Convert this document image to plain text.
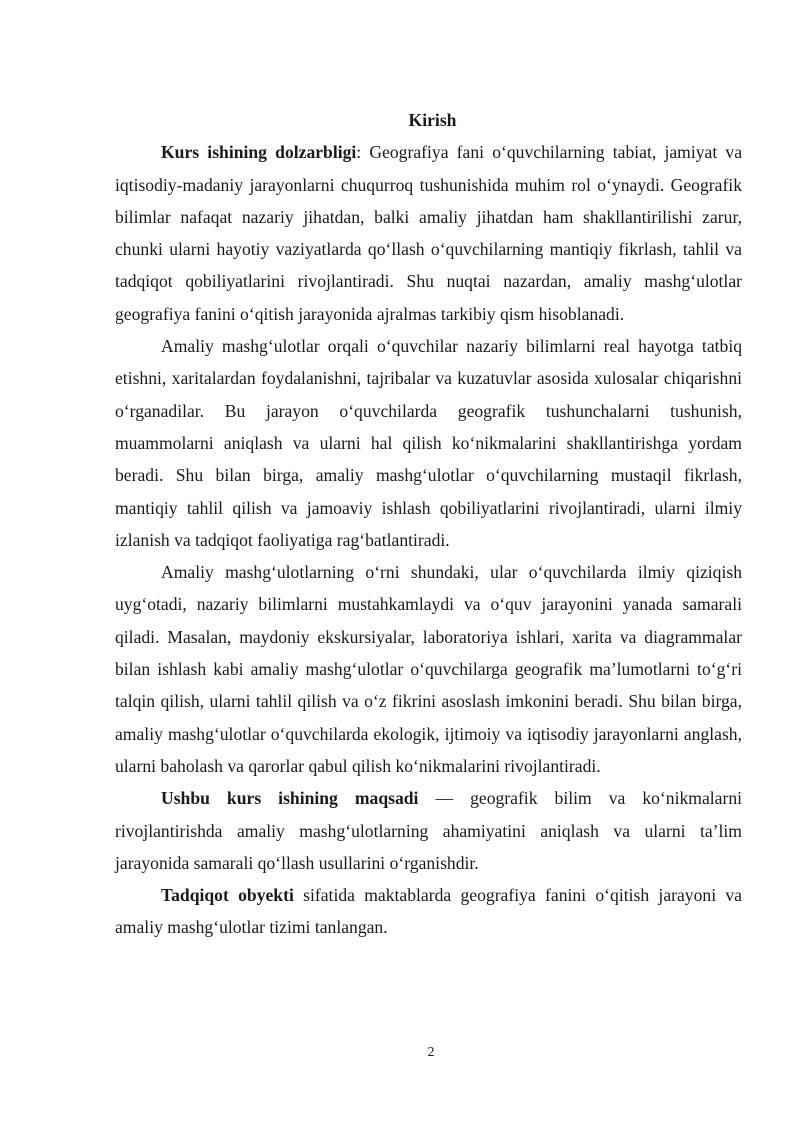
Kirish

Kurs ishining dolzarbligi: Geografiya fani o‘quvchilarning tabiat, jamiyat va iqtisodiy-madaniy jarayonlarni chuqurroq tushunishida muhim rol o‘ynaydi. Geografik bilimlar nafaqat nazariy jihatdan, balki amaliy jihatdan ham shakllantirilishi zarur, chunki ularni hayotiy vaziyatlarda qo‘llash o‘quvchilarning mantiqiy fikrlash, tahlil va tadqiqot qobiliyatlarini rivojlantiradi. Shu nuqtai nazardan, amaliy mashg‘ulotlar geografiya fanini o‘qitish jarayonida ajralmas tarkibiy qism hisoblanadi.

Amaliy mashg‘ulotlar orqali o‘quvchilar nazariy bilimlarni real hayotga tatbiq etishni, xaritalardan foydalanishni, tajribalar va kuzatuvlar asosida xulosalar chiqarishni o‘rganadilar. Bu jarayon o‘quvchilarda geografik tushunchalarni tushunish, muammolarni aniqlash va ularni hal qilish ko‘nikmalarini shakllantirishga yordam beradi. Shu bilan birga, amaliy mashg‘ulotlar o‘quvchilarning mustaqil fikrlash, mantiqiy tahlil qilish va jamoaviy ishlash qobiliyatlarini rivojlantiradi, ularni ilmiy izlanish va tadqiqot faoliyatiga rag‘batlantiradi.

Amaliy mashg‘ulotlarning o‘rni shundaki, ular o‘quvchilarda ilmiy qiziqish uyg‘otadi, nazariy bilimlarni mustahkamlaydi va o‘quv jarayonini yanada samarali qiladi. Masalan, maydoniy ekskursiyalar, laboratoriya ishlari, xarita va diagrammalar bilan ishlash kabi amaliy mashg‘ulotlar o‘quvchilarga geografik ma’lumotlarni to‘g‘ri talqin qilish, ularni tahlil qilish va o‘z fikrini asoslash imkonini beradi. Shu bilan birga, amaliy mashg‘ulotlar o‘quvchilarda ekologik, ijtimoiy va iqtisodiy jarayonlarni anglash, ularni baholash va qarorlar qabul qilish ko‘nikmalarini rivojlantiradi.

Ushbu kurs ishining maqsadi — geografik bilim va ko‘nikmalarni rivojlantirishda amaliy mashg‘ulotlarning ahamiyatini aniqlash va ularni ta’lim jarayonida samarali qo‘llash usullarini o‘rganishdir.

Tadqiqot obyekti sifatida maktablarda geografiya fanini o‘qitish jarayoni va amaliy mashg‘ulotlar tizimi tanlangan.

2
